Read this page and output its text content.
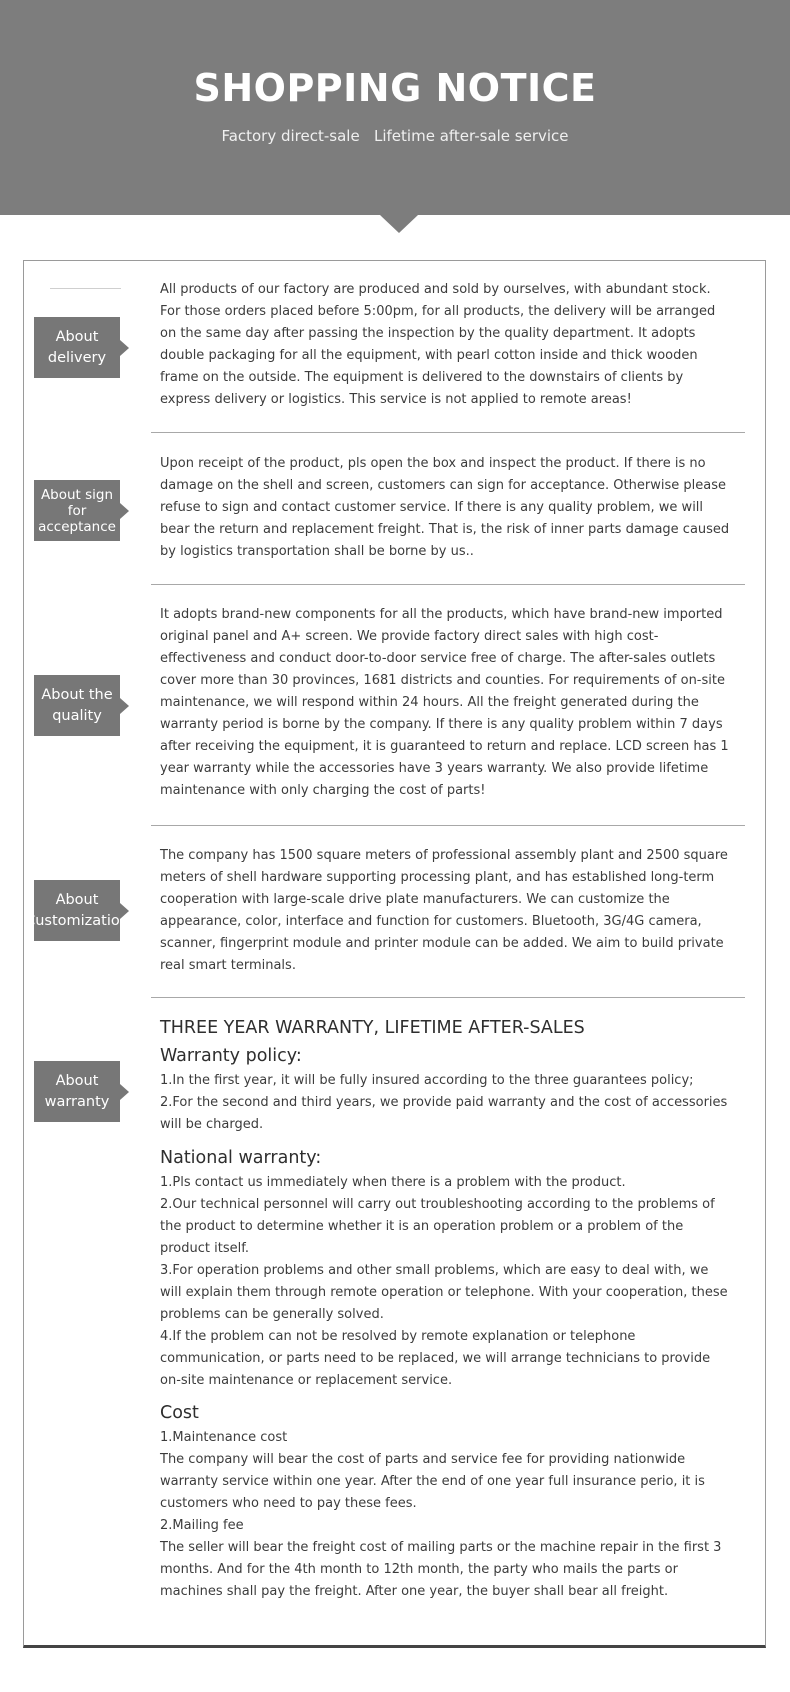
SHOPPING NOTICE
Factory direct-sale   Lifetime after-sale service
About delivery

All products of our factory are produced and sold by ourselves, with abundant stock. For those orders placed before 5:00pm, for all products, the delivery will be arranged on the same day after passing the inspection by the quality department. It adopts double packaging for all the equipment, with pearl cotton inside and thick wooden frame on the outside. The equipment is delivered to the downstairs of clients by express delivery or logistics. This service is not applied to remote areas!

About sign for acceptance

Upon receipt of the product, pls open the box and inspect the product. If there is no damage on the shell and screen, customers can sign for acceptance. Otherwise please refuse to sign and contact customer service. If there is any quality problem, we will bear the return and replacement freight. That is, the risk of inner parts damage caused by logistics transportation shall be borne by us..

About the quality

It adopts brand-new components for all the products, which have brand-new imported original panel and A+ screen. We provide factory direct sales with high cost-effectiveness and conduct door-to-door service free of charge. The after-sales outlets cover more than 30 provinces, 1681 districts and counties. For requirements of on-site maintenance, we will respond within 24 hours. All the freight generated during the warranty period is borne by the company. If there is any quality problem within 7 days after receiving the equipment, it is guaranteed to return and replace. LCD screen has 1 year warranty while the accessories have 3 years warranty. We also provide lifetime maintenance with only charging the cost of parts!

About Customization

The company has 1500 square meters of professional assembly plant and 2500 square meters of shell hardware supporting processing plant, and has established long-term cooperation with large-scale drive plate manufacturers. We can customize the appearance, color, interface and function for customers. Bluetooth, 3G/4G camera, scanner, fingerprint module and printer module can be added. We aim to build private real smart terminals.

About warranty
THREE YEAR WARRANTY, LIFETIME AFTER-SALES
Warranty policy:

1.In the first year, it will be fully insured according to the three guarantees policy;

2.For the second and third years, we provide paid warranty and the cost of accessories will be charged.

National warranty:

1.Pls contact us immediately when there is a problem with the product.

2.Our technical personnel will carry out troubleshooting according to the problems of the product to determine whether it is an operation problem or a problem of the product itself.

3.For operation problems and other small problems, which are easy to deal with, we will explain them through remote operation or telephone. With your cooperation, these problems can be generally solved.

4.If the problem can not be resolved by remote explanation or telephone communication, or parts need to be replaced, we will arrange technicians to provide on-site maintenance or replacement service.

Cost

1.Maintenance cost

The company will bear the cost of parts and service fee for providing nationwide warranty service within one year. After the end of one year full insurance perio, it is customers who need to pay these fees.

2.Mailing fee

The seller will bear the freight cost of mailing parts or the machine repair in the first 3 months. And for the 4th month to 12th month, the party who mails the parts or machines shall pay the freight. After one year, the buyer shall bear all freight.
